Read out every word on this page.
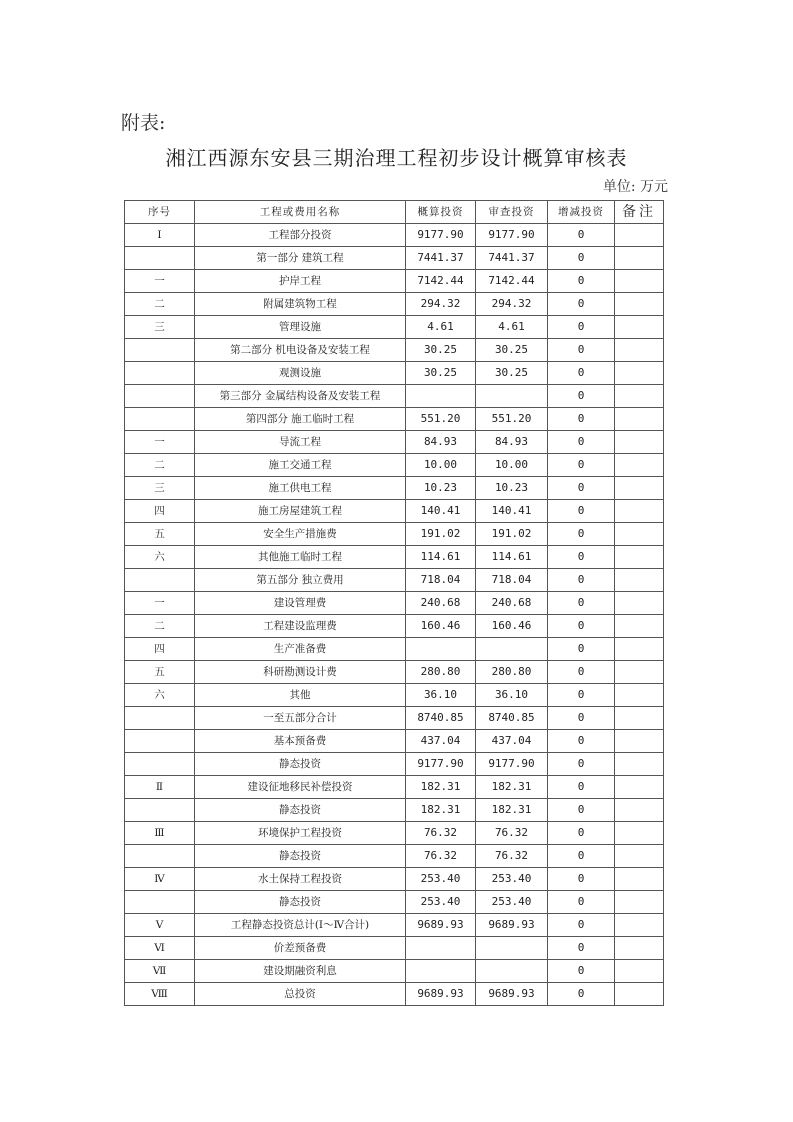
附表:
湘江西源东安县三期治理工程初步设计概算审核表
单位: 万元
序号	工程或费用名称	概算投资	审查投资	增减投资	备注
Ⅰ	工程部分投资	9177.90	9177.90	0	
	第一部分 建筑工程	7441.37	7441.37	0	
一	护岸工程	7142.44	7142.44	0	
二	附属建筑物工程	294.32	294.32	0	
三	管理设施	4.61	4.61	0	
	第二部分 机电设备及安装工程	30.25	30.25	0	
	观测设施	30.25	30.25	0	
	第三部分 金属结构设备及安装工程			0	
	第四部分 施工临时工程	551.20	551.20	0	
一	导流工程	84.93	84.93	0	
二	施工交通工程	10.00	10.00	0	
三	施工供电工程	10.23	10.23	0	
四	施工房屋建筑工程	140.41	140.41	0	
五	安全生产措施费	191.02	191.02	0	
六	其他施工临时工程	114.61	114.61	0	
	第五部分 独立费用	718.04	718.04	0	
一	建设管理费	240.68	240.68	0	
二	工程建设监理费	160.46	160.46	0	
四	生产准备费			0	
五	科研勘测设计费	280.80	280.80	0	
六	其他	36.10	36.10	0	
	一至五部分合计	8740.85	8740.85	0	
	基本预备费	437.04	437.04	0	
	静态投资	9177.90	9177.90	0	
Ⅱ	建设征地移民补偿投资	182.31	182.31	0	
	静态投资	182.31	182.31	0	
Ⅲ	环境保护工程投资	76.32	76.32	0	
	静态投资	76.32	76.32	0	
Ⅳ	水土保持工程投资	253.40	253.40	0	
	静态投资	253.40	253.40	0	
Ⅴ	工程静态投资总计(Ⅰ～Ⅳ合计)	9689.93	9689.93	0	
Ⅵ	价差预备费			0	
Ⅶ	建设期融资利息			0	
Ⅷ	总投资	9689.93	9689.93	0	
